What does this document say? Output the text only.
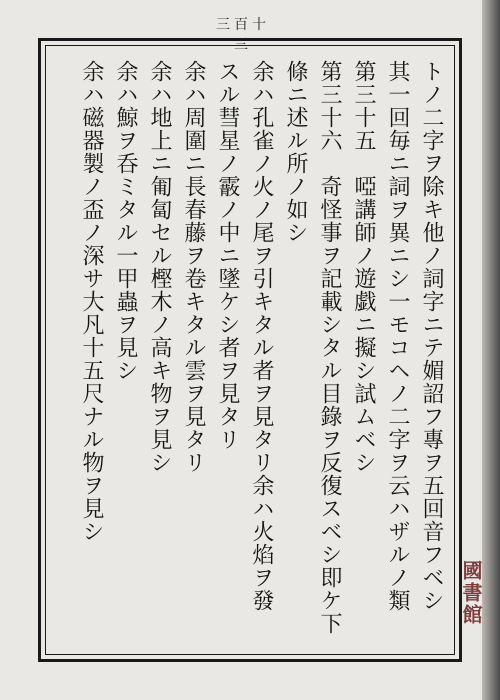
三百十三
トノ二字ヲ除キ他ノ詞字ニテ媚詔フ專ヲ五回音フベシ
其一回毎ニ詞ヲ異ニシ一モコヘノ二字ヲ云ハザルノ類
第三十五　啞講師ノ遊戯ニ擬シ試ムベシ
第三十六　奇怪事ヲ記載シタル目錄ヲ反復スベシ即ケ下
條ニ述ル所ノ如シ
余ハ孔雀ノ火ノ尾ヲ引キタル者ヲ見タリ余ハ火焰ヲ發
スル彗星ノ霰ノ中ニ墜ケシ者ヲ見タリ
余ハ周圍ニ長春藤ヲ卷キタル雲ヲ見タリ
余ハ地上ニ匍匐セル樫木ノ高キ物ヲ見シ
余ハ鯨ヲ呑ミタル一甲蟲ヲ見シ
余ハ磁器製ノ盃ノ深サ大凡十五尺ナル物ヲ見シ
國書館
